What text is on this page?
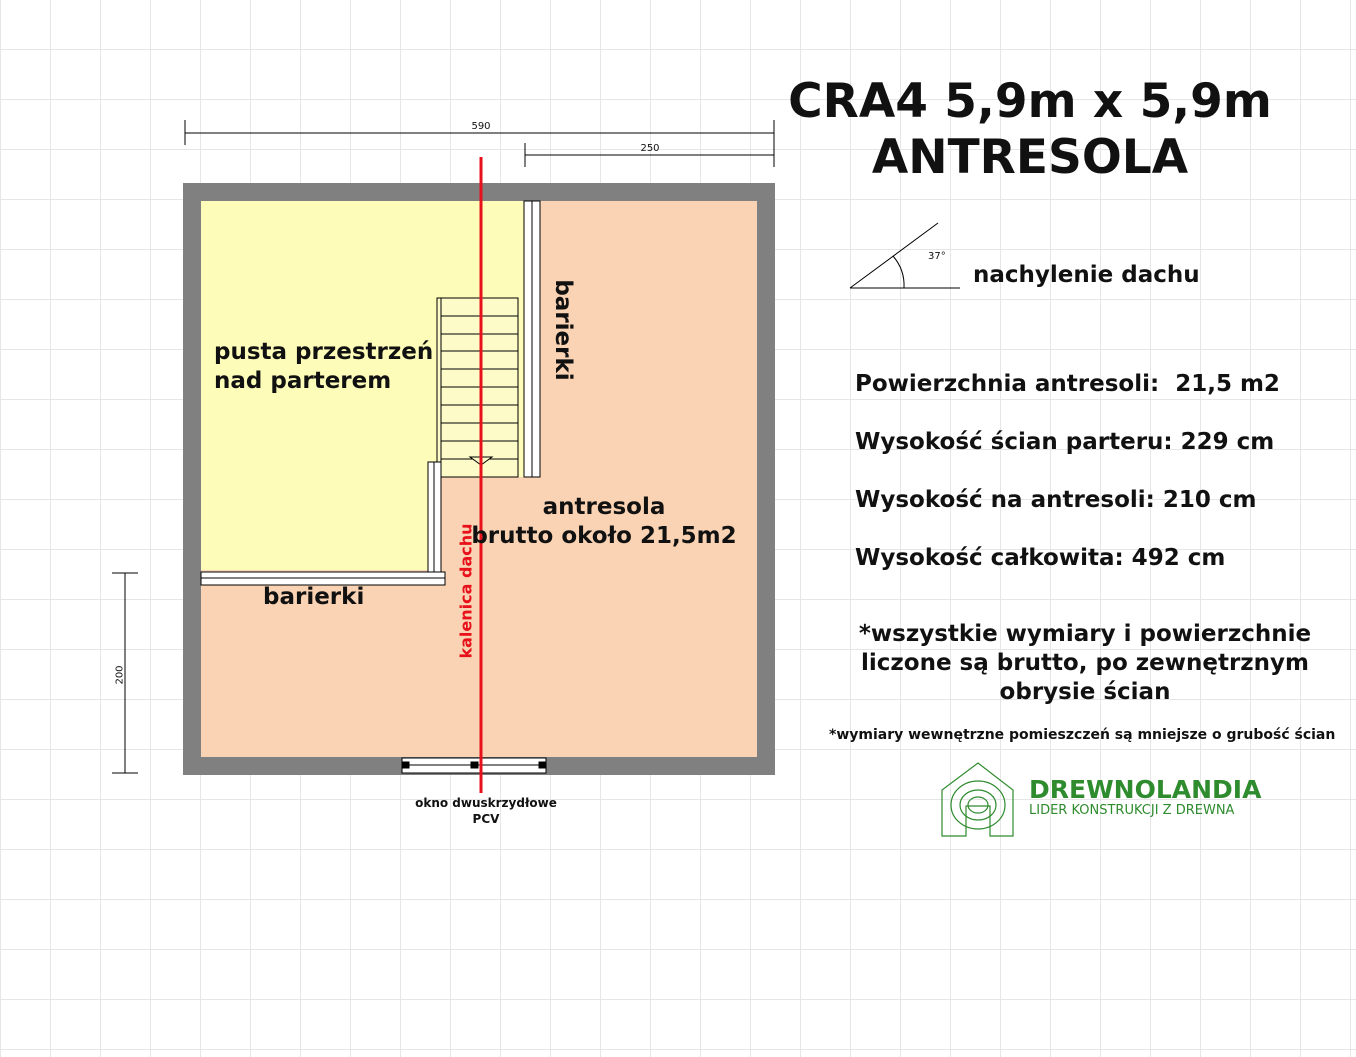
590
250
200
pusta przestrzeń
nad parterem
barierki
barierki
antresola
brutto około 21,5m2
kalenica dachu
okno dwuskrzydłowe
PCV
CRA4 5,9m x 5,9m
ANTRESOLA
37°
nachylenie dachu
Powierzchnia antresoli:  21,5 m2
Wysokość ścian parteru: 229 cm
Wysokość na antresoli: 210 cm
Wysokość całkowita: 492 cm
*wszystkie wymiary i powierzchnie
liczone są brutto, po zewnętrznym
obrysie ścian
*wymiary wewnętrzne pomieszczeń są mniejsze o grubość ścian
DREWNOLANDIA
LIDER KONSTRUKCJI Z DREWNA
